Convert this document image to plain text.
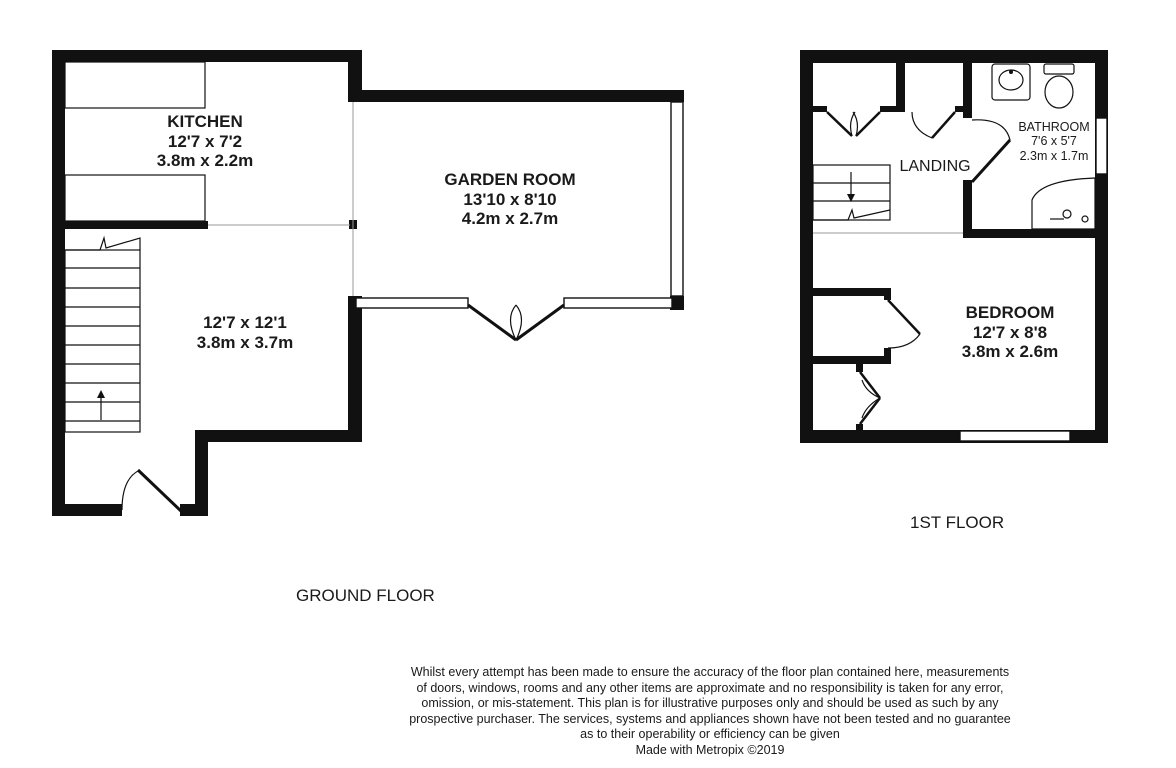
KITCHEN
12'7 x 7'2
3.8m x 2.2m
GARDEN ROOM
13'10 x 8'10
4.2m x 2.7m
12'7 x 12'1
3.8m x 3.7m
LANDING
BATHROOM
7'6 x 5'7
2.3m x 1.7m
BEDROOM
12'7 x 8'8
3.8m x 2.6m
GROUND FLOOR
1ST FLOOR
Whilst every attempt has been made to ensure the accuracy of the floor plan contained here, measurements
of doors, windows, rooms and any other items are approximate and no responsibility is taken for any error,
omission, or mis-statement. This plan is for illustrative purposes only and should be used as such by any
prospective purchaser. The services, systems and appliances shown have not been tested and no guarantee
as to their operability or efficiency can be given
Made with Metropix ©2019
